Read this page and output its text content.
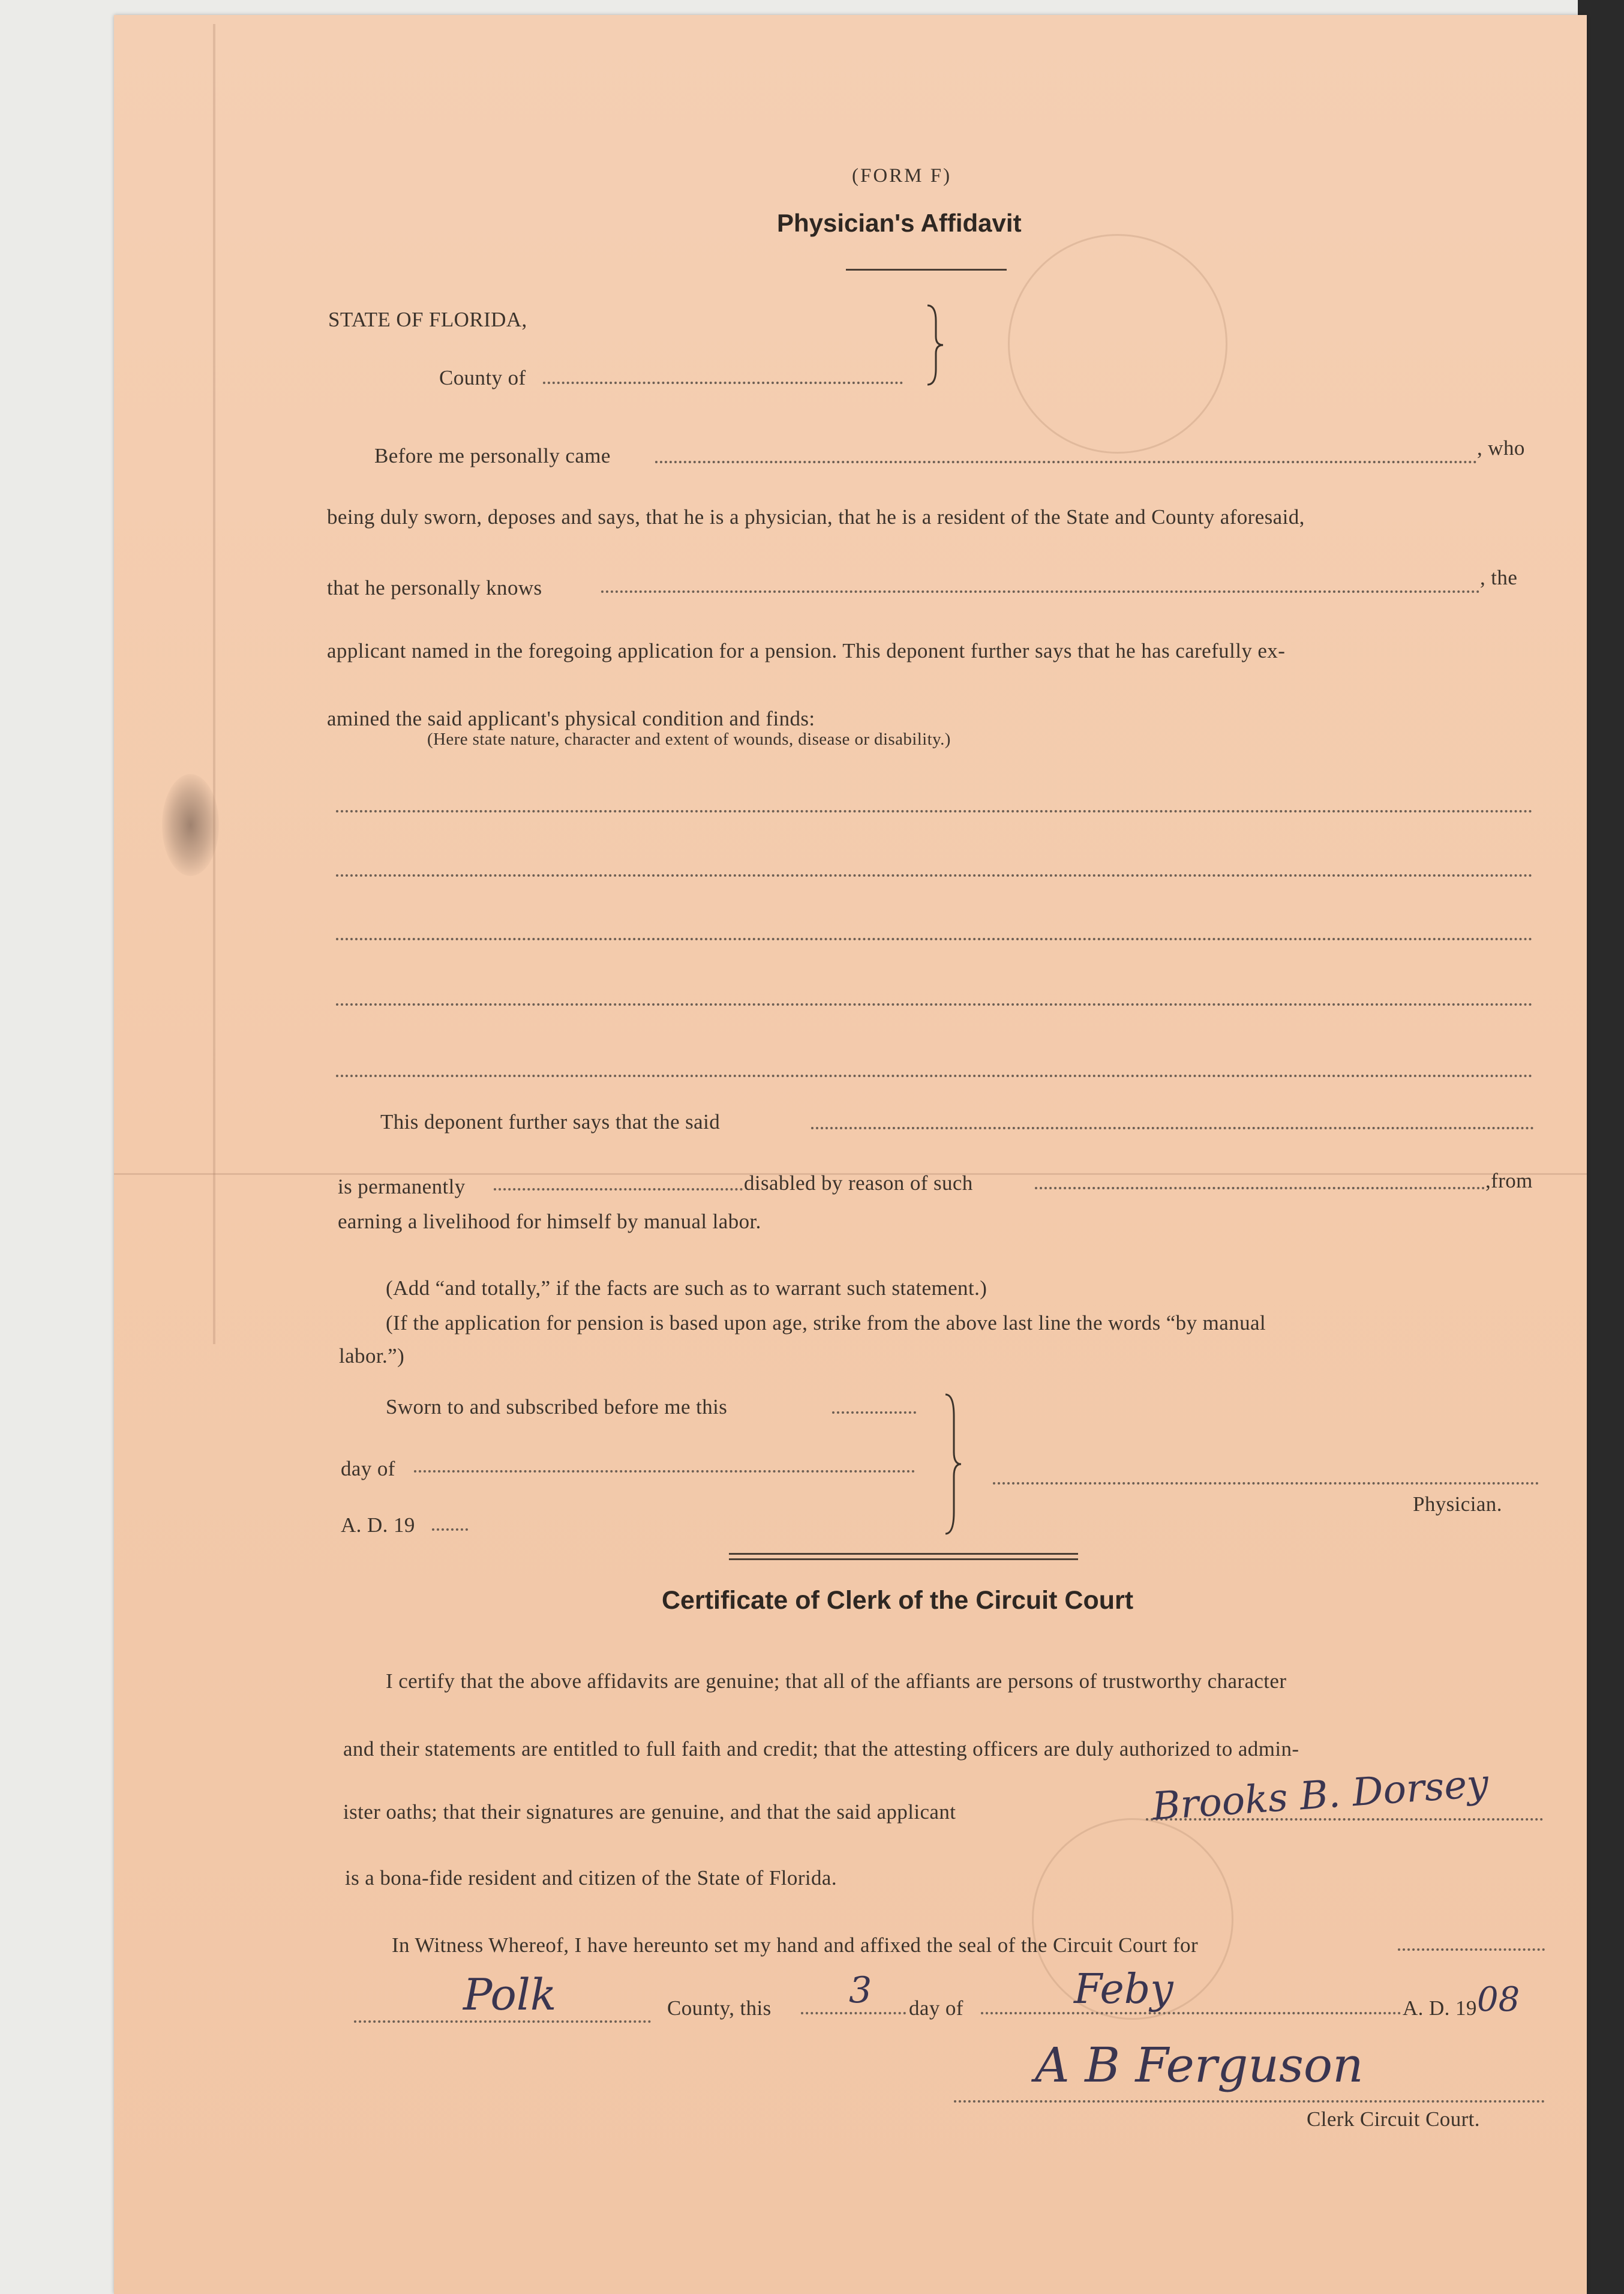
(FORM F)
Physician's Affidavit
STATE OF FLORIDA,
County of
Before me personally came	, who
being duly sworn, deposes and says, that he is a physician, that he is a resident of the State and County aforesaid,
that he personally knows	, the
applicant named in the foregoing application for a pension. This deponent further says that he has carefully ex-
amined the said applicant's physical condition and finds:
(Here state nature, character and extent of wounds, disease or disability.)
This deponent further says that the said
is permanently	disabled by reason of such	,from
earning a livelihood for himself by manual labor.
(Add “and totally,” if the facts are such as to warrant such statement.)
(If the application for pension is based upon age, strike from the above last line the words “by manual
labor.”)
Sworn to and subscribed before me this
day of
A. D. 19
Physician.
Certificate of Clerk of the Circuit Court
I certify that the above affidavits are genuine; that all of the affiants are persons of trustworthy character
and their statements are entitled to full faith and credit; that the attesting officers are duly authorized to admin-
ister oaths; that their signatures are genuine, and that the said applicant	Brooks B. Dorsey
is a bona-fide resident and citizen of the State of Florida.
In Witness Whereof, I have hereunto set my hand and affixed the seal of the Circuit Court for
Polk	County, this 3 day of	Feby	A. D. 19 08
A B Ferguson
Clerk Circuit Court.
